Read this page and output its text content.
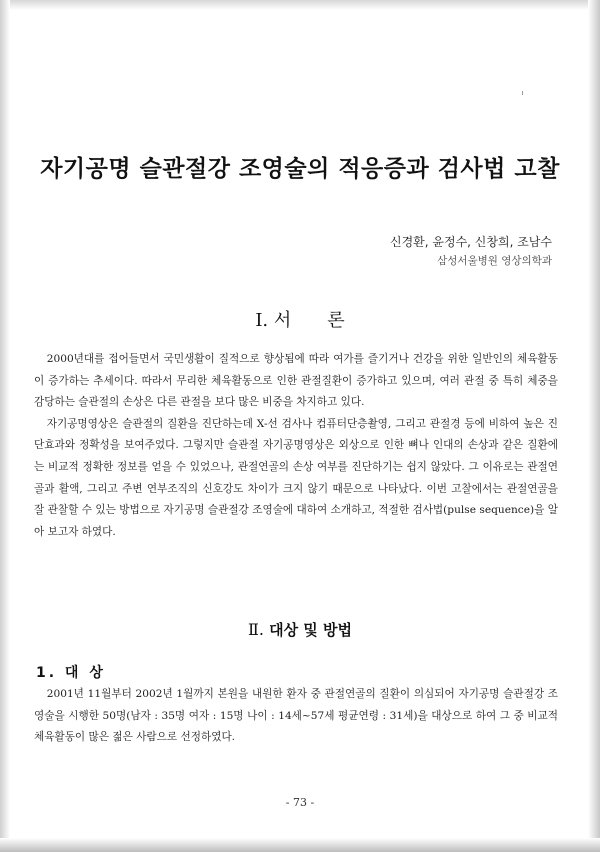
자기공명 슬관절강 조영술의 적응증과 검사법 고찰
신경환, 윤정수, 신창희, 조남수
삼성서울병원 영상의학과
Ⅰ. 서 론

2000년대를 접어들면서 국민생활이 질적으로 향상됨에 따라 여가를 즐기거나 건강을 위한 일반인의 체육활동이 증가하는 추세이다. 따라서 무리한 체육활동으로 인한 관절질환이 증가하고 있으며, 여러 관절 중 특히 체중을 감당하는 슬관절의 손상은 다른 관절을 보다 많은 비중을 차지하고 있다.

자기공명영상은 슬관절의 질환을 진단하는데 X-선 검사나 컴퓨터단층촬영, 그리고 관절경 등에 비하여 높은 진단효과와 정확성을 보여주었다. 그렇지만 슬관절 자기공명영상은 외상으로 인한 뼈나 인대의 손상과 같은 질환에는 비교적 정확한 정보를 얻을 수 있었으나, 관절연골의 손상 여부를 진단하기는 쉽지 않았다. 그 이유로는 관절연골과 활액, 그리고 주변 연부조직의 신호강도 차이가 크지 않기 때문으로 나타났다. 이번 고찰에서는 관절연골을 잘 관찰할 수 있는 방법으로 자기공명 슬관절강 조영술에 대하여 소개하고, 적절한 검사법(pulse sequence)을 알아 보고자 하였다.

Ⅱ. 대상 및 방법
1. 대 상

2001년 11월부터 2002년 1월까지 본원을 내원한 환자 중 관절연골의 질환이 의심되어 자기공명 슬관절강 조영술을 시행한 50명(남자 : 35명 여자 : 15명 나이 : 14세~57세 평균연령 : 31세)을 대상으로 하여 그 중 비교적 체육활동이 많은 젊은 사람으로 선정하였다.

- 73 -
